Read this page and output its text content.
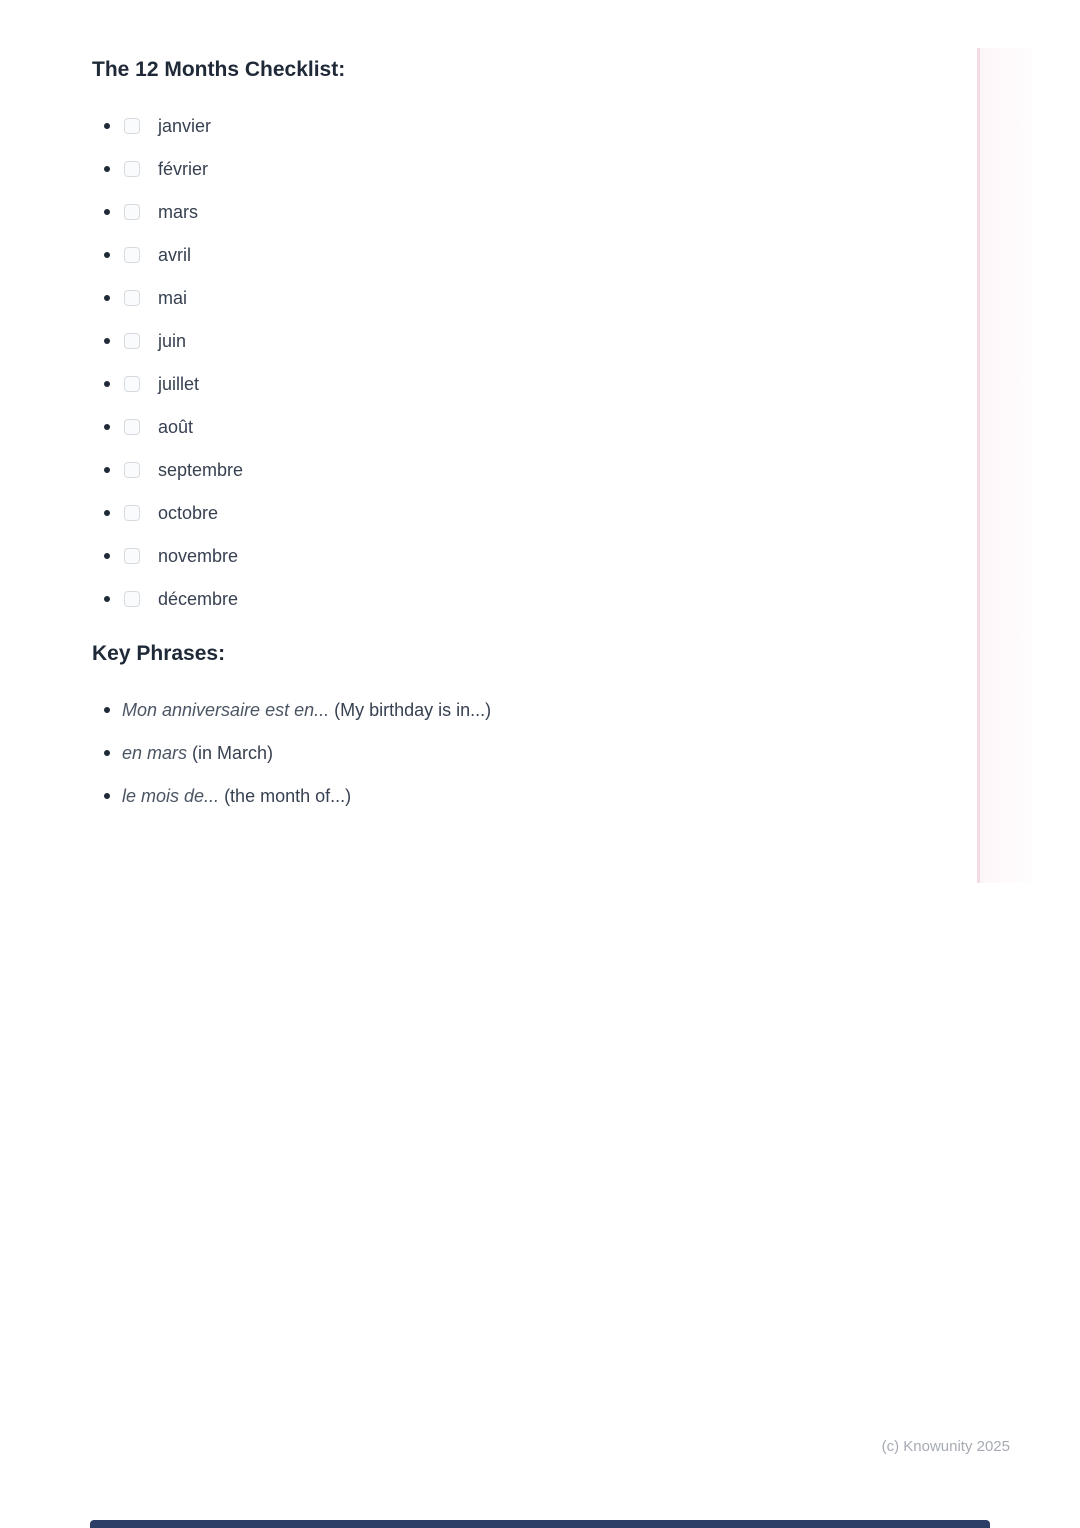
The 12 Months Checklist:
janvier
février
mars
avril
mai
juin
juillet
août
septembre
octobre
novembre
décembre
Key Phrases:
Mon anniversaire est en... (My birthday is in...)
en mars (in March)
le mois de... (the month of...)
(c) Knowunity 2025
